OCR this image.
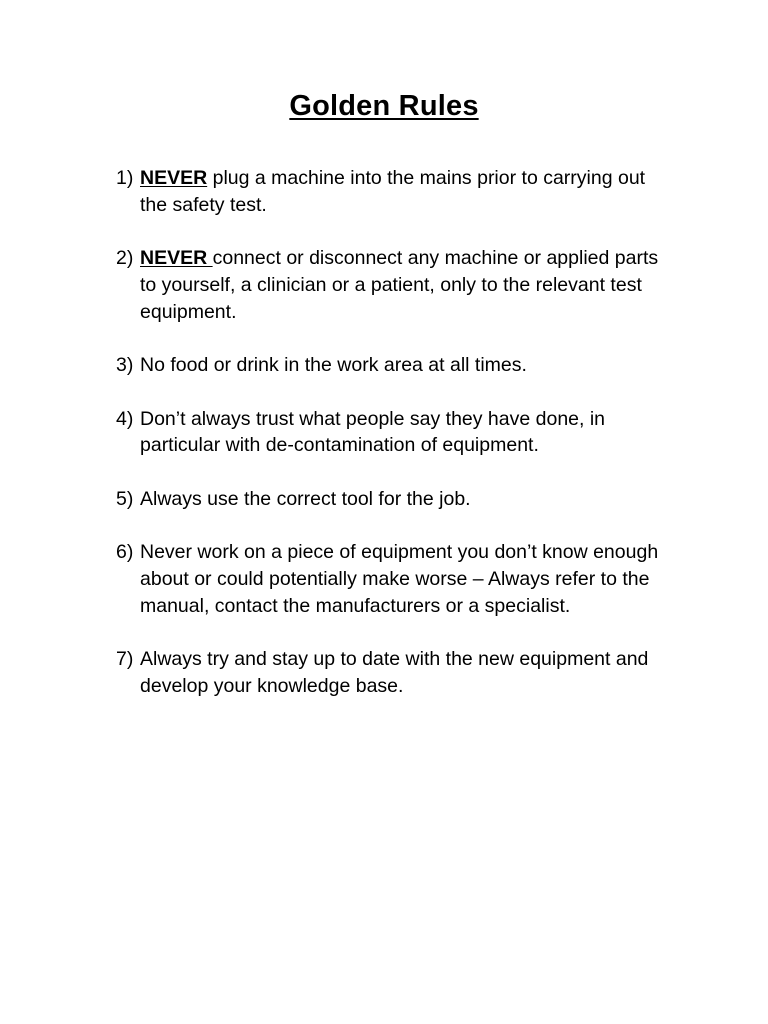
Golden Rules
1) NEVER plug a machine into the mains prior to carrying out the safety test.
2) NEVER connect or disconnect any machine or applied parts to yourself, a clinician or a patient, only to the relevant test equipment.
3) No food or drink in the work area at all times.
4) Don’t always trust what people say they have done, in particular with de-contamination of equipment.
5) Always use the correct tool for the job.
6) Never work on a piece of equipment you don’t know enough about or could potentially make worse – Always refer to the manual, contact the manufacturers or a specialist.
7) Always try and stay up to date with the new equipment and develop your knowledge base.
